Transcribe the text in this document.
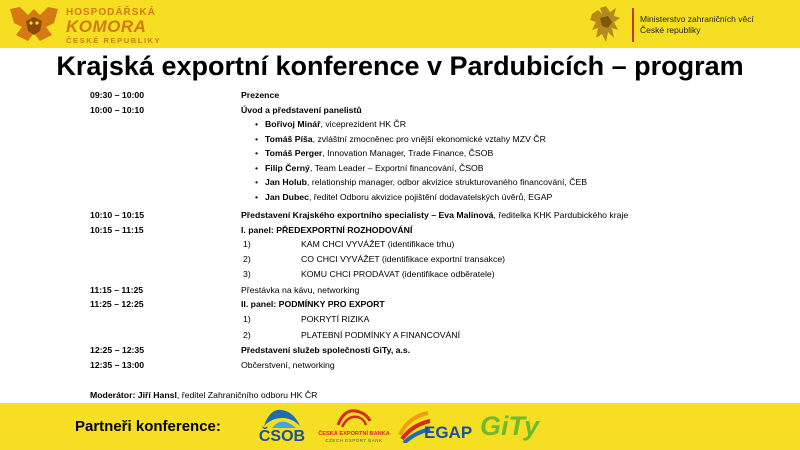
HOSPODÁŘSKÁ
KOMORA
ČESKÉ REPUBLIKY
Ministerstvo zahraničních věcí
České republiky
Krajská exportní konference v Pardubicích – program
09:30 – 10:00	Prezence
10:00 – 10:10	Úvod a představení panelistů
• Bořivoj Minář, viceprezident HK ČR
• Tomáš Píša, zvláštní zmocněnec pro vnější ekonomické vztahy MZV ČR
• Tomáš Perger, Innovation Manager, Trade Finance, ČSOB
• Filip Černý, Team Leader – Exportní financování, ČSOB
• Jan Holub, relationship manager, odbor akvizice strukturovaného financování, ČEB
• Jan Dubec, ředitel Odboru akvizice pojištění dodavatelských úvěrů, EGAP
10:10 – 10:15	Představení Krajského exportního specialisty – Eva Malinová, ředitelka KHK Pardubického kraje
10:15 – 11:15	I. panel: PŘEDEXPORTNÍ ROZHODOVÁNÍ
1)	KAM CHCI VYVÁŽET (identifikace trhu)
2)	CO CHCI VYVÁŽET (identifikace exportní transakce)
3)	KOMU CHCI PRODÁVAT (identifikace odběratele)
11:15 – 11:25	Přestávka na kávu, networking
11:25 – 12:25	II. panel: PODMÍNKY PRO EXPORT
1)	POKRYTÍ RIZIKA
2)	PLATEBNÍ PODMÍNKY A FINANCOVÁNÍ
12:25 – 12:35	Představení služeb společnosti GiTy, a.s.
12:35 – 13:00	Občerstvení, networking
Moderátor: Jiří Hansl, ředitel Zahraničního odboru HK ČR
Partneři konference:
ČSOB	ČESKÁ EXPORTNÍ BANKA
CZECH EXPORT BANK	EGAP GiTy
